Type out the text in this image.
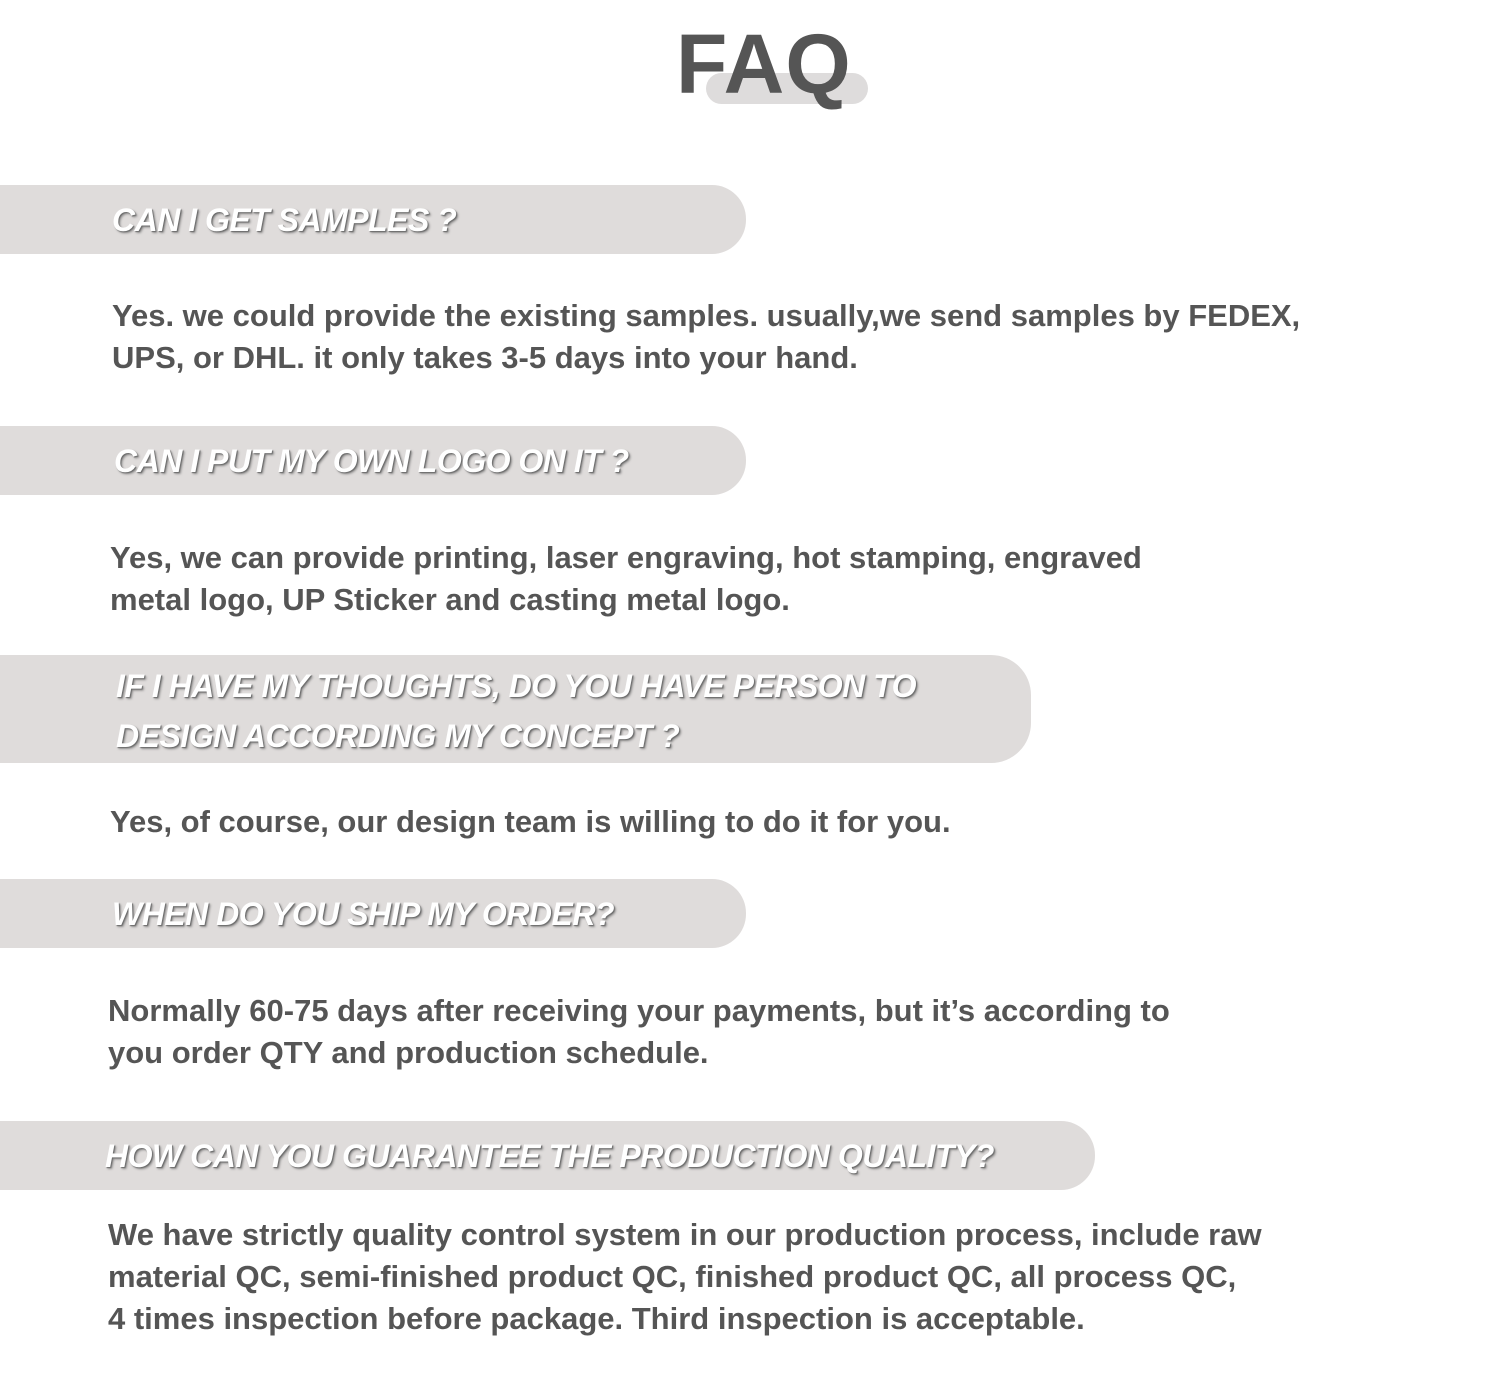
FAQ
CAN I GET SAMPLES ?
Yes. we could provide the existing samples. usually,we send samples by FEDEX,
UPS, or DHL. it only takes 3-5 days into your hand.
CAN I PUT MY OWN LOGO ON IT ?
Yes, we can provide printing, laser engraving, hot stamping, engraved
metal logo, UP Sticker and casting metal logo.
IF I HAVE MY THOUGHTS, DO YOU HAVE PERSON TO
DESIGN ACCORDING MY CONCEPT ?
Yes, of course, our design team is willing to do it for you.
WHEN DO YOU SHIP MY ORDER?
Normally 60-75 days after receiving your payments, but it’s according to
you order QTY and production schedule.
HOW CAN YOU GUARANTEE THE PRODUCTION QUALITY?
We have strictly quality control system in our production process, include raw
material QC, semi-finished product QC, finished product QC, all process QC,
4 times inspection before package. Third inspection is acceptable.
